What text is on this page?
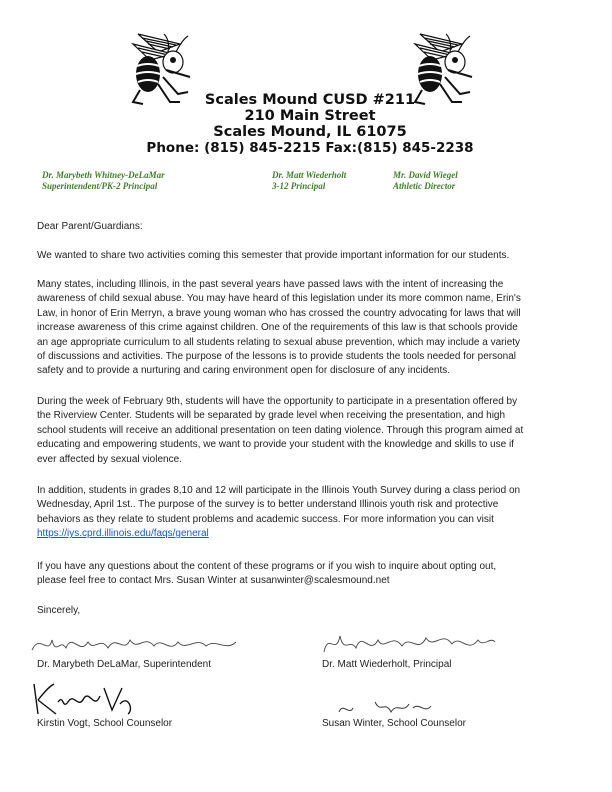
Scales Mound CUSD #211
210 Main Street
Scales Mound, IL 61075
Phone: (815) 845-2215 Fax:(815) 845-2238
Dr. Marybeth Whitney-DeLaMar
Superintendent/PK-2 Principal
Dr. Matt Wiederholt
3-12 Principal
Mr. David Wiegel
Athletic Director
Dear Parent/Guardians:
We wanted to share two activities coming this semester that provide important information for our students.

Many states, including Illinois, in the past several years have passed laws with the intent of increasing the

awareness of child sexual abuse. You may have heard of this legislation under its more common name, Erin's

Law, in honor of Erin Merryn, a brave young woman who has crossed the country advocating for laws that will

increase awareness of this crime against children. One of the requirements of this law is that schools provide

an age appropriate curriculum to all students relating to sexual abuse prevention, which may include a variety

of discussions and activities. The purpose of the lessons is to provide students the tools needed for personal

safety and to provide a nurturing and caring environment open for disclosure of any incidents.

During the week of February 9th, students will have the opportunity to participate in a presentation offered by

the Riverview Center. Students will be separated by grade level when receiving the presentation, and high

school students will receive an additional presentation on teen dating violence. Through this program aimed at

educating and empowering students, we want to provide your student with the knowledge and skills to use if

ever affected by sexual violence.

In addition, students in grades 8,10 and 12 will participate in the Illinois Youth Survey during a class period on

Wednesday, April 1st.. The purpose of the survey is to better understand Illinois youth risk and protective

behaviors as they relate to student problems and academic success. For more information you can visit

https://iys.cprd.illinois.edu/faqs/general

If you have any questions about the content of these programs or if you wish to inquire about opting out,

please feel free to contact Mrs. Susan Winter at susanwinter@scalesmound.net

Sincerely,
Dr. Marybeth DeLaMar, Superintendent	Dr. Matt Wiederholt, Principal
Kirstin Vogt, School Counselor	Susan Winter, School Counselor
